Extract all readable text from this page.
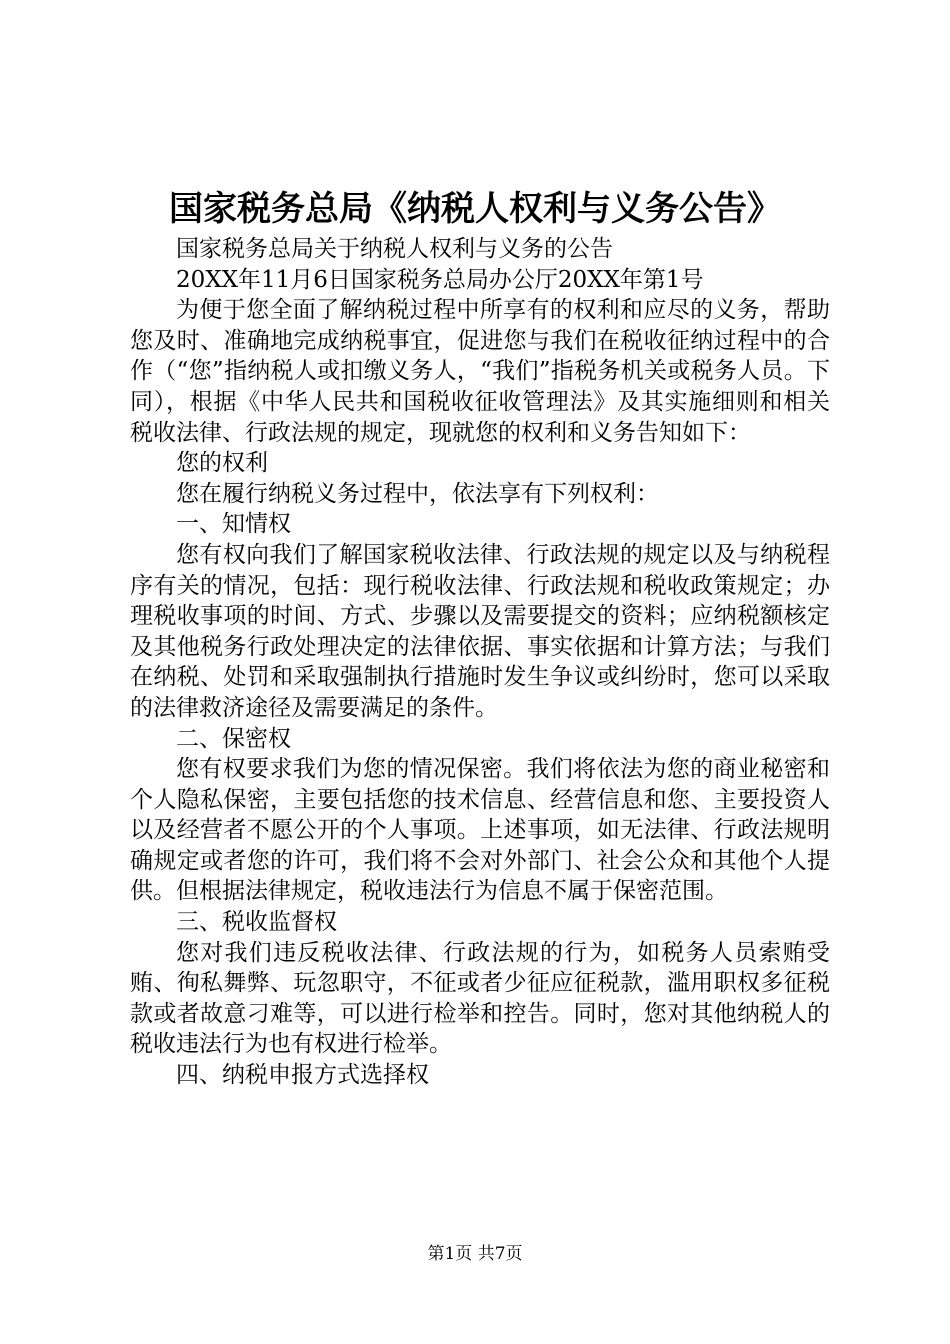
国家税务总局《纳税人权利与义务公告》

国家税务总局关于纳税人权利与义务的公告

20XX年11月6日国家税务总局办公厅20XX年第1号

为便于您全面了解纳税过程中所享有的权利和应尽的义务，帮助您及时、准确地完成纳税事宜，促进您与我们在税收征纳过程中的合作（“您”指纳税人或扣缴义务人，“我们”指税务机关或税务人员。下同），根据《中华人民共和国税收征收管理法》及其实施细则和相关税收法律、行政法规的规定，现就您的权利和义务告知如下：

您的权利

您在履行纳税义务过程中，依法享有下列权利：

一、知情权

您有权向我们了解国家税收法律、行政法规的规定以及与纳税程序有关的情况，包括：现行税收法律、行政法规和税收政策规定；办理税收事项的时间、方式、步骤以及需要提交的资料；应纳税额核定及其他税务行政处理决定的法律依据、事实依据和计算方法；与我们在纳税、处罚和采取强制执行措施时发生争议或纠纷时，您可以采取的法律救济途径及需要满足的条件。

二、保密权

您有权要求我们为您的情况保密。我们将依法为您的商业秘密和个人隐私保密，主要包括您的技术信息、经营信息和您、主要投资人以及经营者不愿公开的个人事项。上述事项，如无法律、行政法规明确规定或者您的许可，我们将不会对外部门、社会公众和其他个人提供。但根据法律规定，税收违法行为信息不属于保密范围。

三、税收监督权

您对我们违反税收法律、行政法规的行为，如税务人员索贿受贿、徇私舞弊、玩忽职守，不征或者少征应征税款，滥用职权多征税款或者故意刁难等，可以进行检举和控告。同时，您对其他纳税人的税收违法行为也有权进行检举。

四、纳税申报方式选择权

第1页 共7页
